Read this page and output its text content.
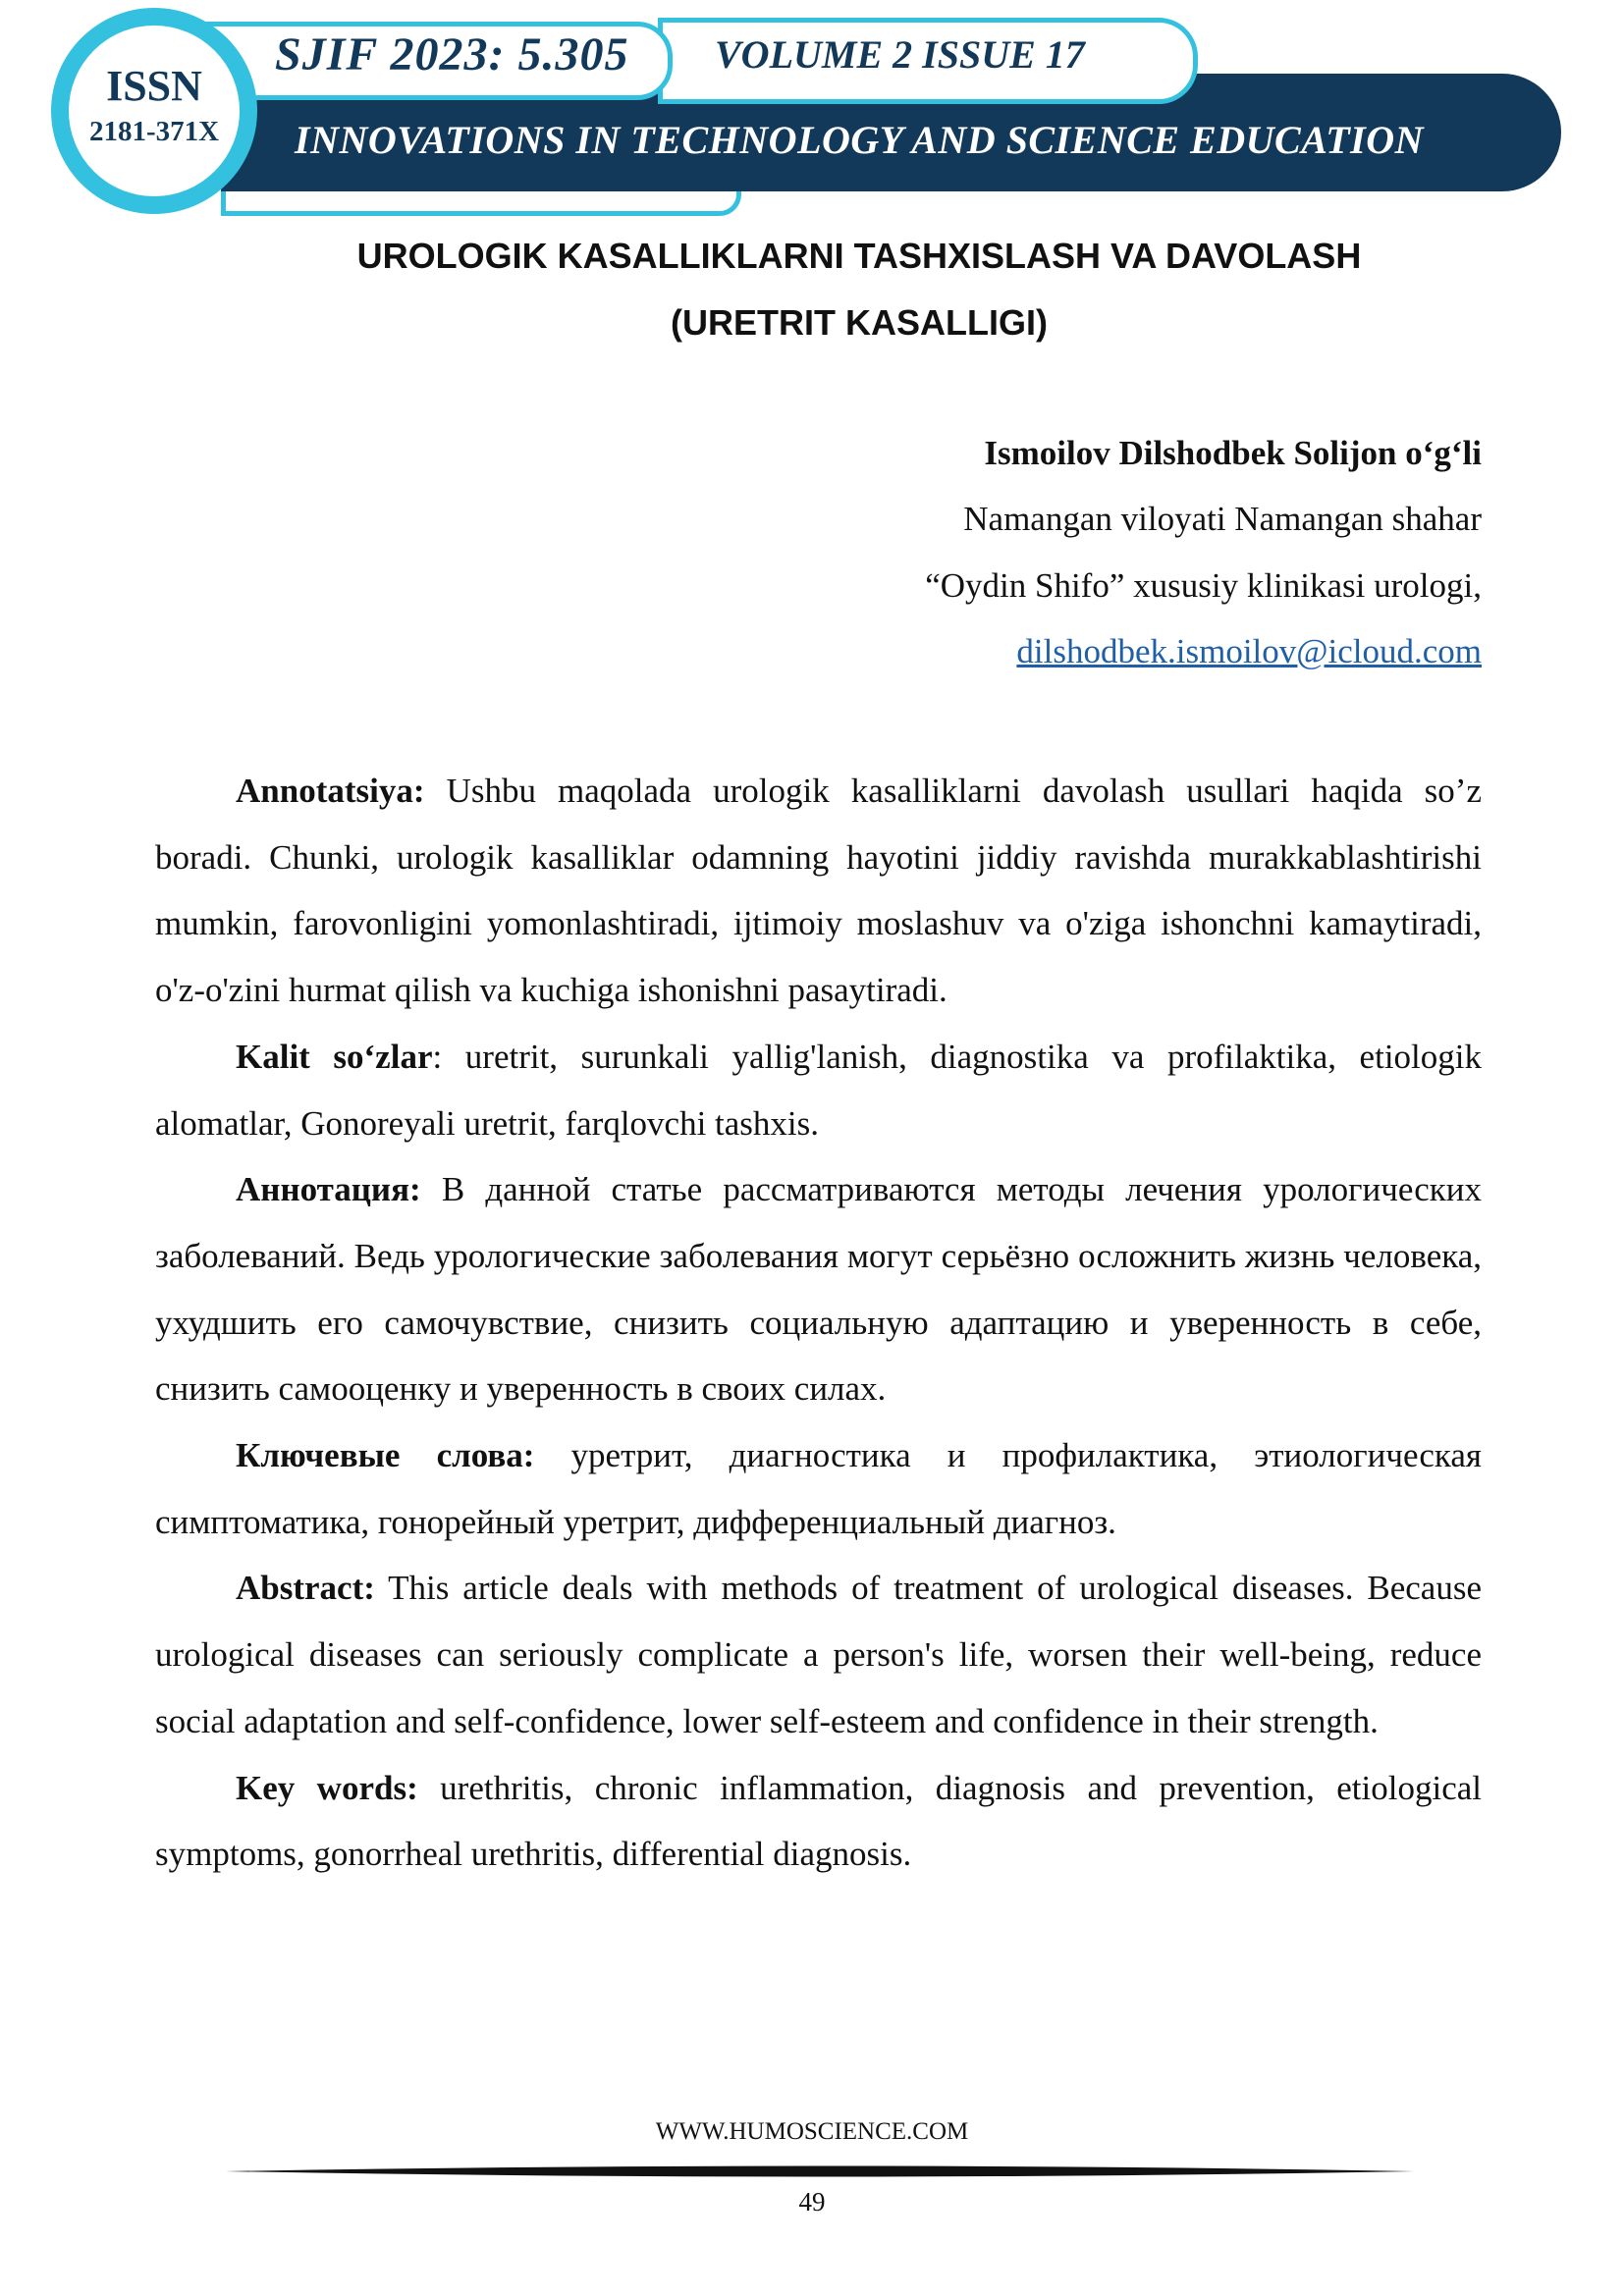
SJIF 2023: 5.305 VOLUME 2 ISSUE 17
INNOVATIONS IN TECHNOLOGY AND SCIENCE EDUCATION
ISSN
2181-371X
UROLOGIK KASALLIKLARNI TASHXISLASH VA DAVOLASH
(URETRIT KASALLIGI)
Ismoilov Dilshodbek Solijon o‘g‘li
Namangan viloyati Namangan shahar
“Oydin Shifo” xususiy klinikasi urologi,
dilshodbek.ismoilov@icloud.com

Annotatsiya: Ushbu maqolada urologik kasalliklarni davolash usullari haqida so’z boradi. Chunki, urologik kasalliklar odamning hayotini jiddiy ravishda murakkablashtirishi mumkin, farovonligini yomonlashtiradi, ijtimoiy moslashuv va o'ziga ishonchni kamaytiradi, o'z-o'zini hurmat qilish va kuchiga ishonishni pasaytiradi.

Kalit so‘zlar: uretrit, surunkali yallig'lanish, diagnostika va profilaktika, etiologik alomatlar, Gonoreyali uretrit, farqlovchi tashxis.

Аннотация: В данной статье рассматриваются методы лечения урологических заболеваний. Ведь урологические заболевания могут серьёзно осложнить жизнь человека, ухудшить его самочувствие, снизить социальную адаптацию и уверенность в себе, снизить самооценку и уверенность в своих силах.

Ключевые слова: уретрит, диагностика и профилактика, этиологическая симптоматика, гонорейный уретрит, дифференциальный диагноз.

Abstract: This article deals with methods of treatment of urological diseases. Because urological diseases can seriously complicate a person's life, worsen their well-being, reduce social adaptation and self-confidence, lower self-esteem and confidence in their strength.

Key words: urethritis, chronic inflammation, diagnosis and prevention, etiological symptoms, gonorrheal urethritis, differential diagnosis.

WWW.HUMOSCIENCE.COM
49
